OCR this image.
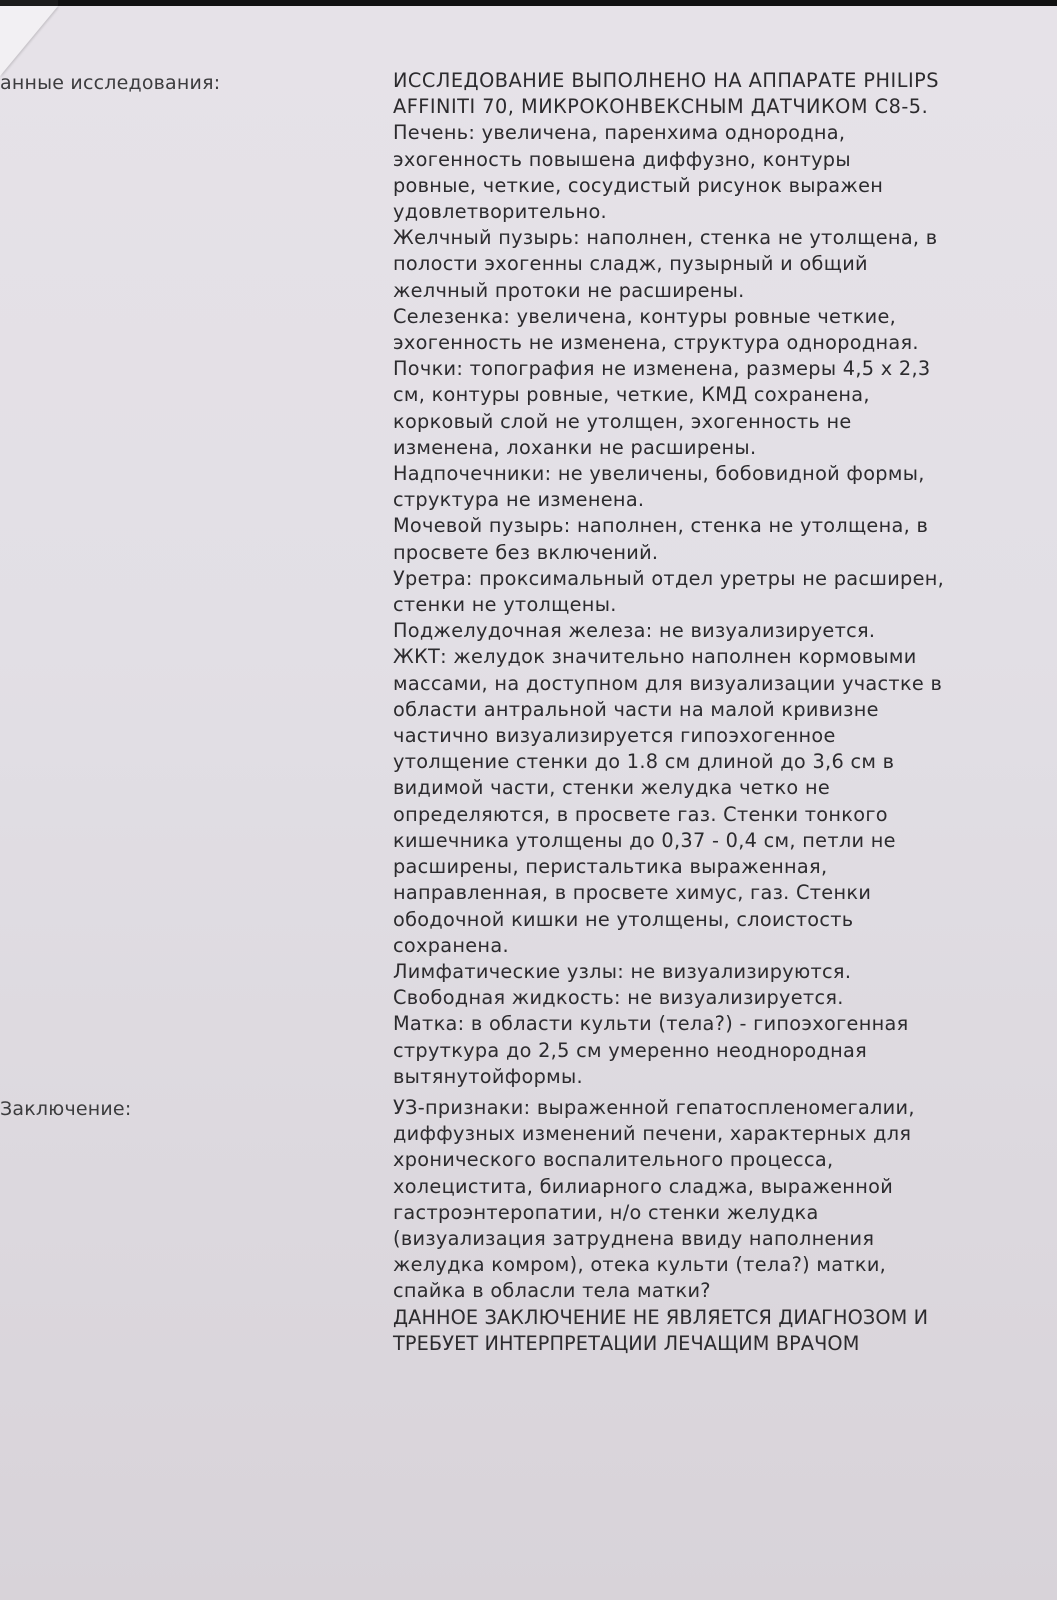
анные исследования:
Заключение:
ИССЛЕДОВАНИЕ ВЫПОЛНЕНО НА АППАРАТЕ PHILIPS
AFFINITI 70, МИКРОКОНВЕКСНЫМ ДАТЧИКОМ C8-5.
Печень: увеличена, паренхима однородна,
эхогенность повышена диффузно, контуры
ровные, четкие, сосудистый рисунок выражен
удовлетворительно.
Желчный пузырь: наполнен, стенка не утолщена, в
полости эхогенны сладж, пузырный и общий
желчный протоки не расширены.
Селезенка: увеличена, контуры ровные четкие,
эхогенность не изменена, структура однородная.
Почки: топография не изменена, размеры 4,5 x 2,3
см, контуры ровные, четкие, КМД сохранена,
корковый слой не утолщен, эхогенность не
изменена, лоханки не расширены.
Надпочечники: не увеличены, бобовидной формы,
структура не изменена.
Мочевой пузырь: наполнен, стенка не утолщена, в
просвете без включений.
Уретра: проксимальный отдел уретры не расширен,
стенки не утолщены.
Поджелудочная железа: не визуализируется.
ЖКТ: желудок значительно наполнен кормовыми
массами, на доступном для визуализации участке в
области антральной части на малой кривизне
частично визуализируется гипоэхогенное
утолщение стенки до 1.8 см длиной до 3,6 см в
видимой части, стенки желудка четко не
определяются, в просвете газ. Стенки тонкого
кишечника утолщены до 0,37 - 0,4 см, петли не
расширены, перистальтика выраженная,
направленная, в просвете химус, газ. Стенки
ободочной кишки не утолщены, слоистость
сохранена.
Лимфатические узлы: не визуализируются.
Свободная жидкость: не визуализируется.
Матка: в области культи (тела?) - гипоэхогенная
струткура до 2,5 см умеренно неоднородная
вытянутойформы.
УЗ-признаки: выраженной гепатоспленомегалии,
диффузных изменений печени, характерных для
хронического воспалительного процесса,
холецистита, билиарного сладжа, выраженной
гастроэнтеропатии, н/о стенки желудка
(визуализация затруднена ввиду наполнения
желудка комром), отека культи (тела?) матки,
спайка в обласли тела матки?
ДАННОЕ ЗАКЛЮЧЕНИЕ НЕ ЯВЛЯЕТСЯ ДИАГНОЗОМ И
ТРЕБУЕТ ИНТЕРПРЕТАЦИИ ЛЕЧАЩИМ ВРАЧОМ
